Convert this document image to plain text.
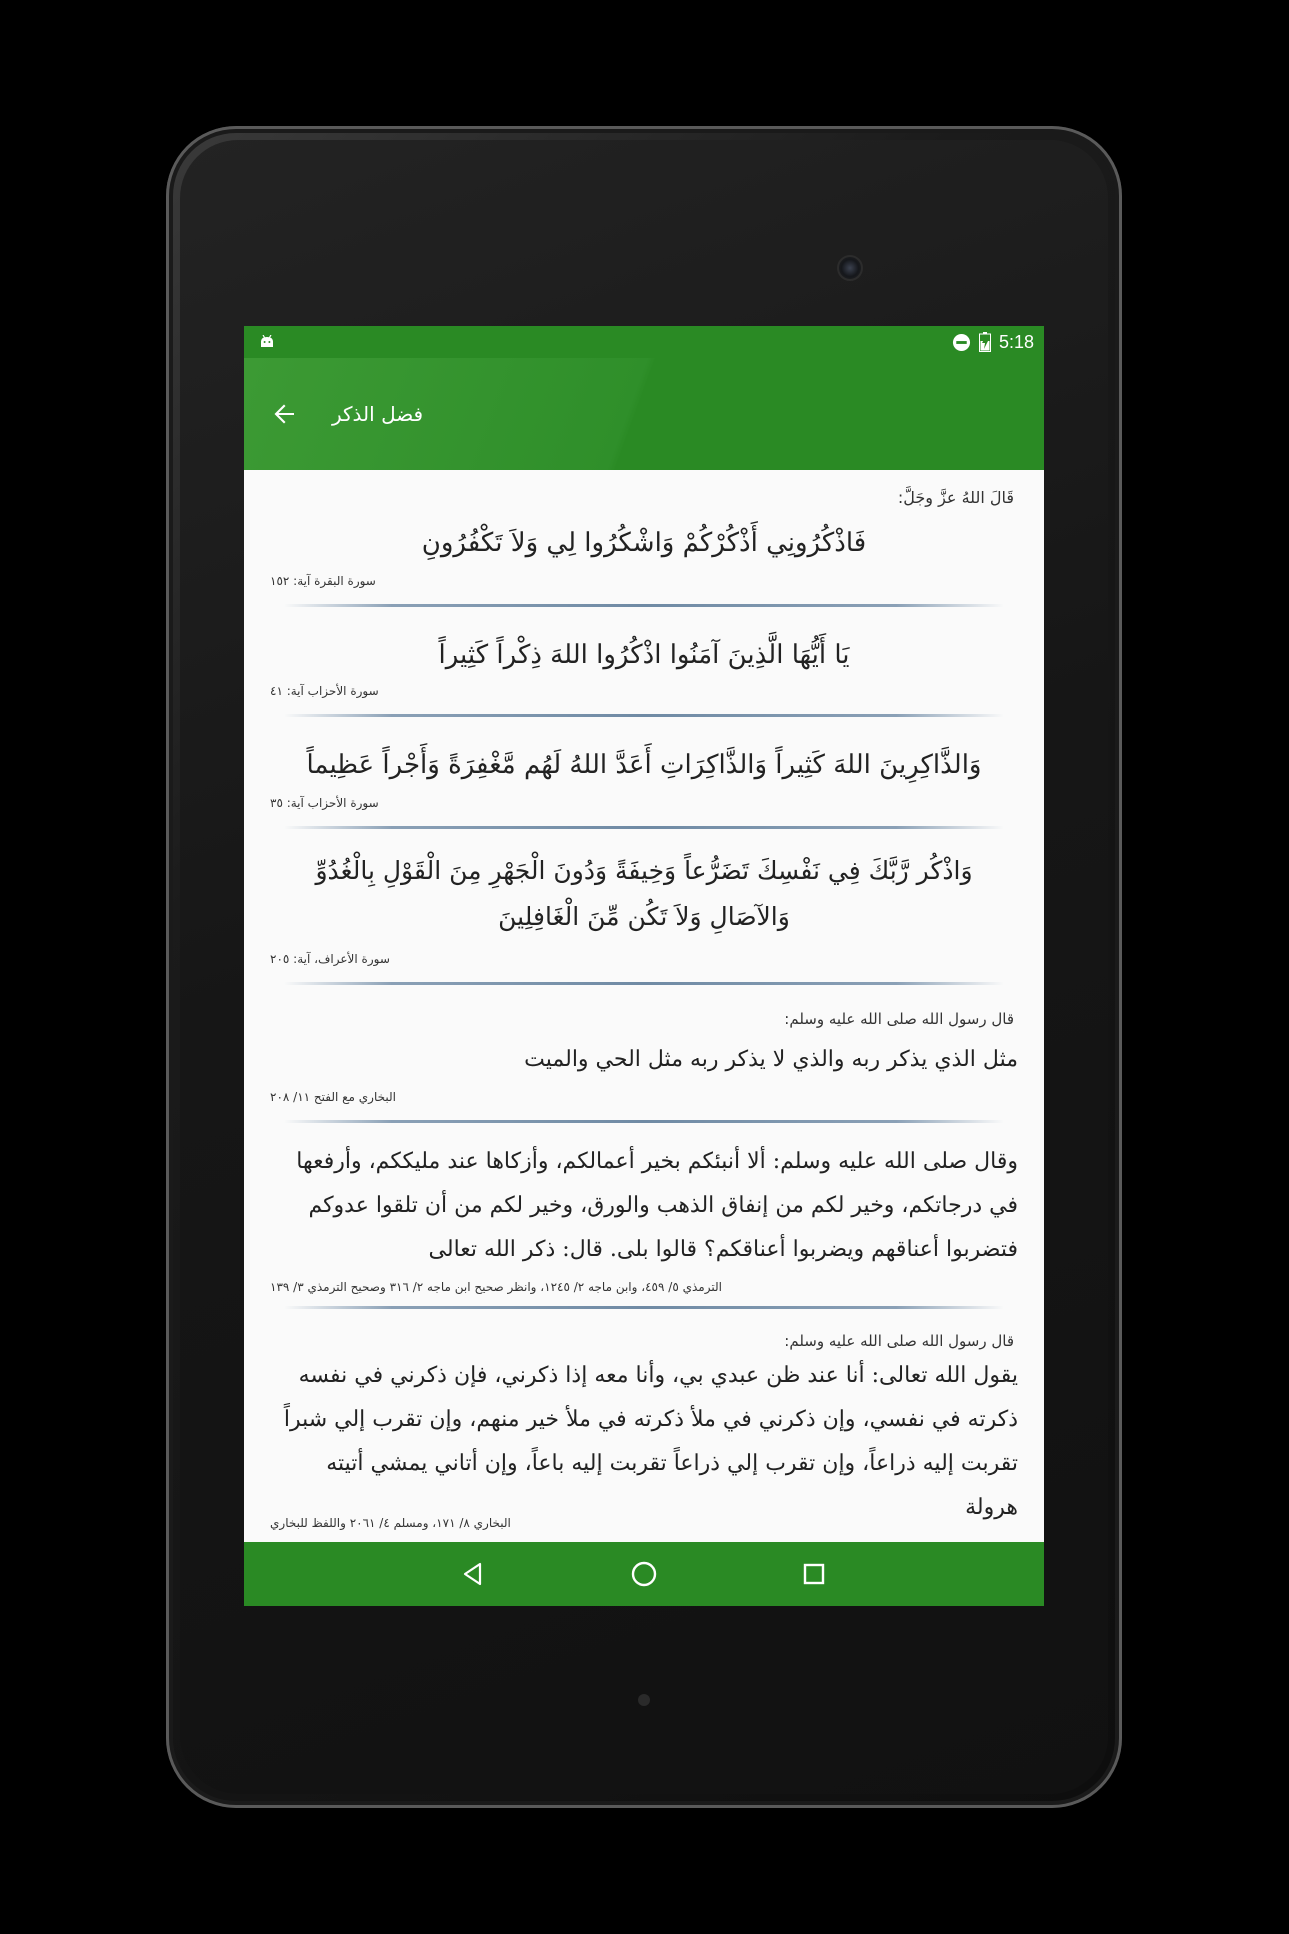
5:18
فضل الذكر
قَالَ اللهُ عزَّ وجَلَّ:
فَاذْكُرُونِي أَذْكُرْكُمْ وَاشْكُرُوا لِي وَلاَ تَكْفُرُونِ
سورة البقرة آية: ١٥٢
يَا أَيُّهَا الَّذِينَ آمَنُوا اذْكُرُوا اللهَ ذِكْراً كَثِيراً
سورة الأحزاب آية: ٤١
وَالذَّاكِرِينَ اللهَ كَثِيراً وَالذَّاكِرَاتِ أَعَدَّ اللهُ لَهُم مَّغْفِرَةً وَأَجْراً عَظِيماً
سورة الأحزاب آية: ٣٥
وَاذْكُر رَّبَّكَ فِي نَفْسِكَ تَضَرُّعاً وَخِيفَةً وَدُونَ الْجَهْرِ مِنَ الْقَوْلِ بِالْغُدُوِّ وَالآصَالِ وَلاَ تَكُن مِّنَ الْغَافِلِينَ
سورة الأعراف، آية: ٢٠٥
قال رسول الله صلى الله عليه وسلم:
مثل الذي يذكر ربه والذي لا يذكر ربه مثل الحي والميت
البخاري مع الفتح ١١/ ٢٠٨
وقال صلى الله عليه وسلم: ألا أنبئكم بخير أعمالكم، وأزكاها عند مليككم، وأرفعها في درجاتكم، وخير لكم من إنفاق الذهب والورق، وخير لكم من أن تلقوا عدوكم فتضربوا أعناقهم ويضربوا أعناقكم؟ قالوا بلى. قال: ذكر الله تعالى
الترمذي ٥/ ٤٥٩، وابن ماجه ٢/ ١٢٤٥، وانظر صحيح ابن ماجه ٢/ ٣١٦ وصحيح الترمذي ٣/ ١٣٩
قال رسول الله صلى الله عليه وسلم:
يقول الله تعالى: أنا عند ظن عبدي بي، وأنا معه إذا ذكرني، فإن ذكرني في نفسه ذكرته في نفسي، وإن ذكرني في ملأ ذكرته في ملأ خير منهم، وإن تقرب إلي شبراً تقربت إليه ذراعاً، وإن تقرب إلي ذراعاً تقربت إليه باعاً، وإن أتاني يمشي أتيته هرولة
البخاري ٨/ ١٧١، ومسلم ٤/ ٢٠٦١ واللفظ للبخاري
